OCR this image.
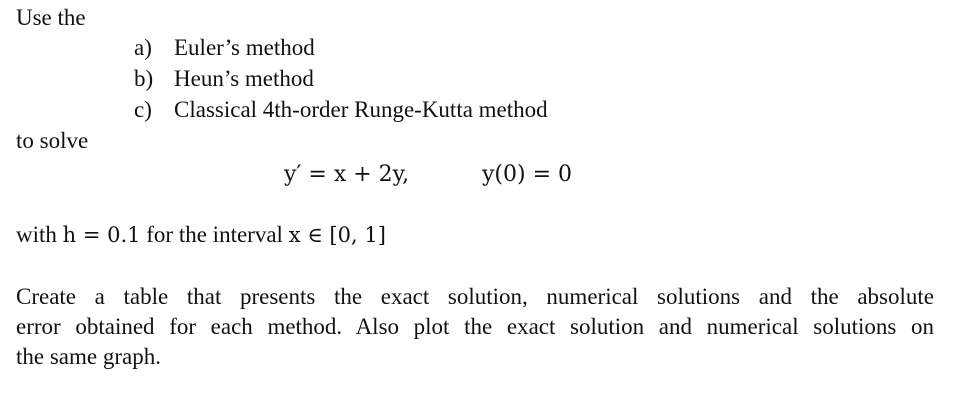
Use the
a) Euler’s method
b) Heun’s method
c) Classical 4th-order Runge-Kutta method
to solve
y′ = x + 2y,	y(0) = 0
with h = 0.1 for the interval x ∈ [0, 1]
Create a table that presents the exact solution, numerical solutions and the absolute
error obtained for each method. Also plot the exact solution and numerical solutions on
the same graph.
